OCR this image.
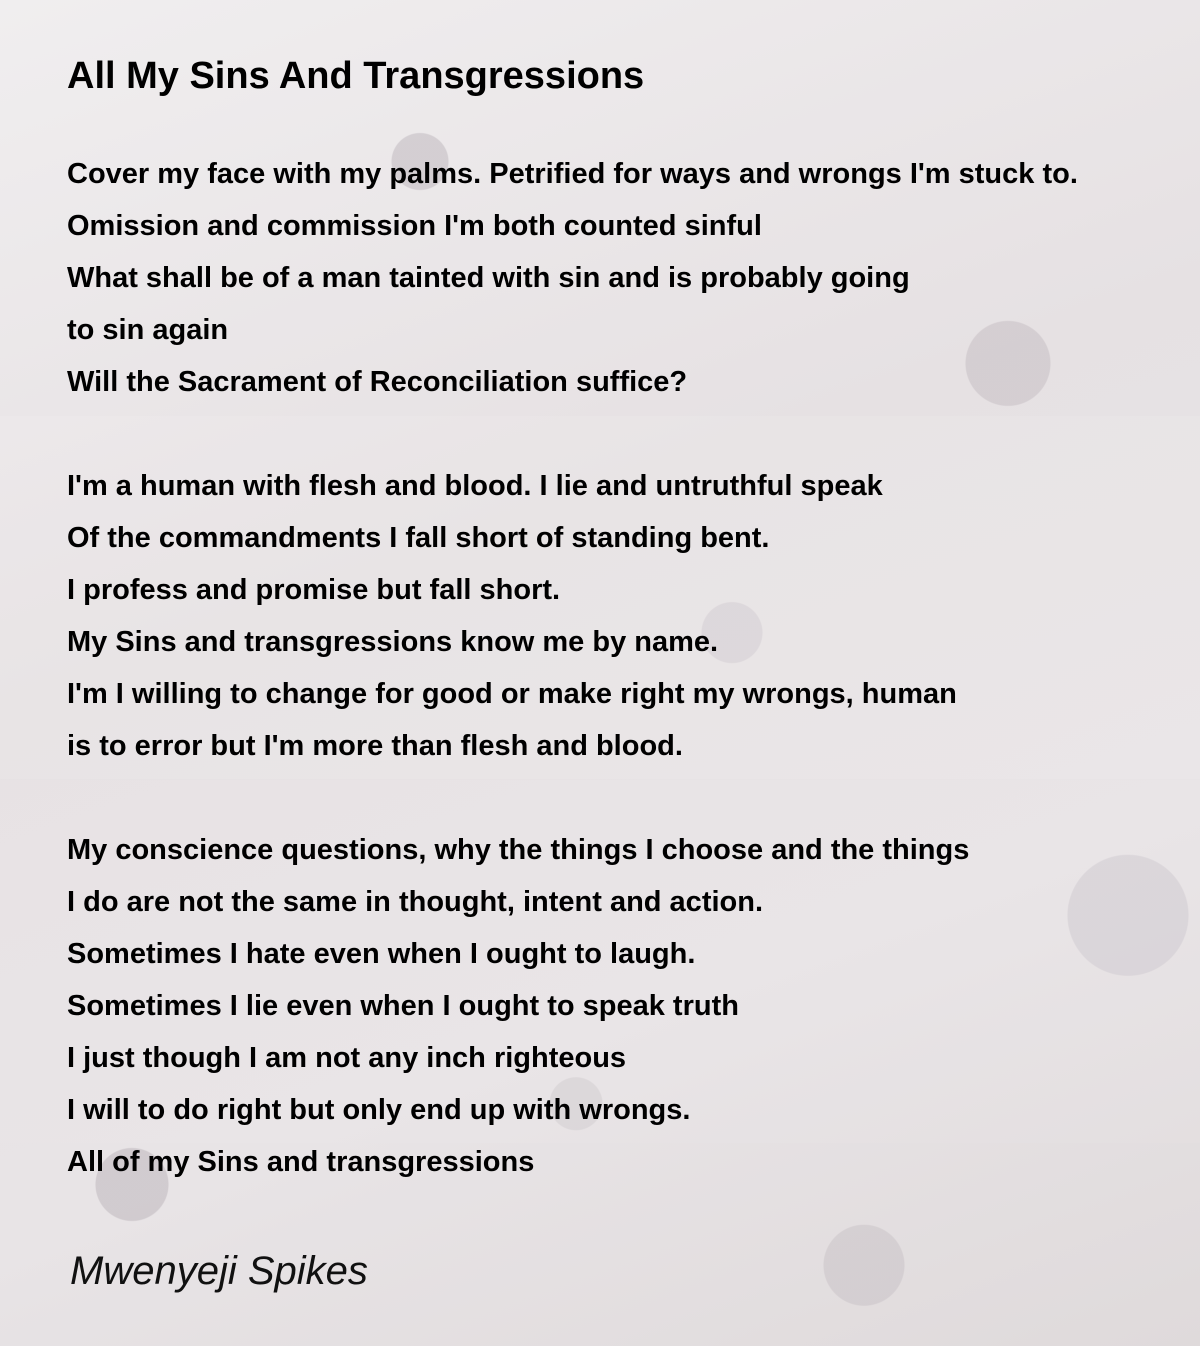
All My Sins And Transgressions
Cover my face with my palms. Petrified for ways and wrongs I'm stuck to.
Omission and commission I'm both counted sinful
What shall be of a man tainted with sin and is probably going
to sin again
Will the Sacrament of Reconciliation suffice?
I'm a human with flesh and blood. I lie and untruthful speak
Of the commandments I fall short of standing bent.
I profess and promise but fall short.
My Sins and transgressions know me by name.
I'm I willing to change for good or make right my wrongs, human
is to error but I'm more than flesh and blood.
My conscience questions, why the things I choose and the things
I do are not the same in thought, intent and action.
Sometimes I hate even when I ought to laugh.
Sometimes I lie even when I ought to speak truth
I just though I am not any inch righteous
I will to do right but only end up with wrongs.
All of my Sins and transgressions
Mwenyeji Spikes
